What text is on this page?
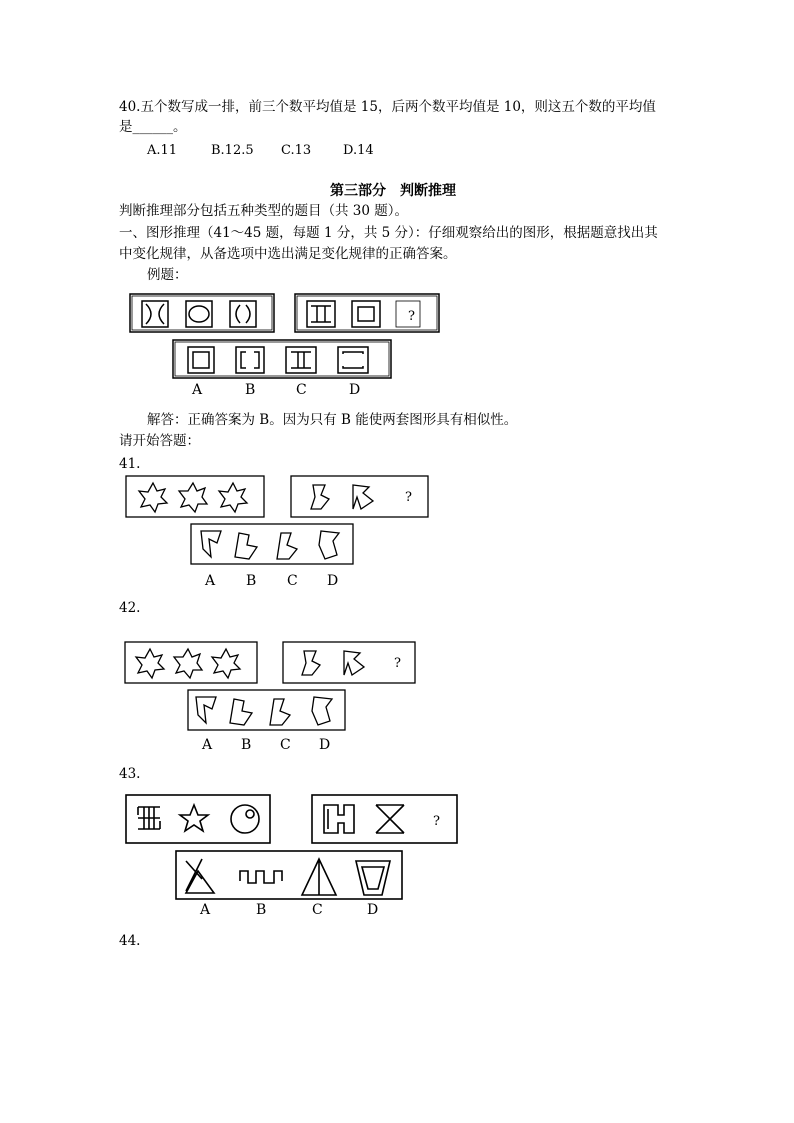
40.五个数写成一排，前三个数平均值是 15，后两个数平均值是 10，则这五个数的平均值
是______。
A.11	B.12.5 C.13 D.14
第三部分　判断推理
判断推理部分包括五种类型的题目（共 30 题）。
一、图形推理（41～45 题，每题 1 分，共 5 分）：仔细观察给出的图形，根据题意找出其
中变化规律，从备选项中选出满足变化规律的正确答案。
例题：
?
A	B	C	D
解答：正确答案为 B。因为只有 B 能使两套图形具有相似性。
请开始答题：
41.
?
A B C D
42.
?
A B C D
43.
?
A	B	C	D
44.
